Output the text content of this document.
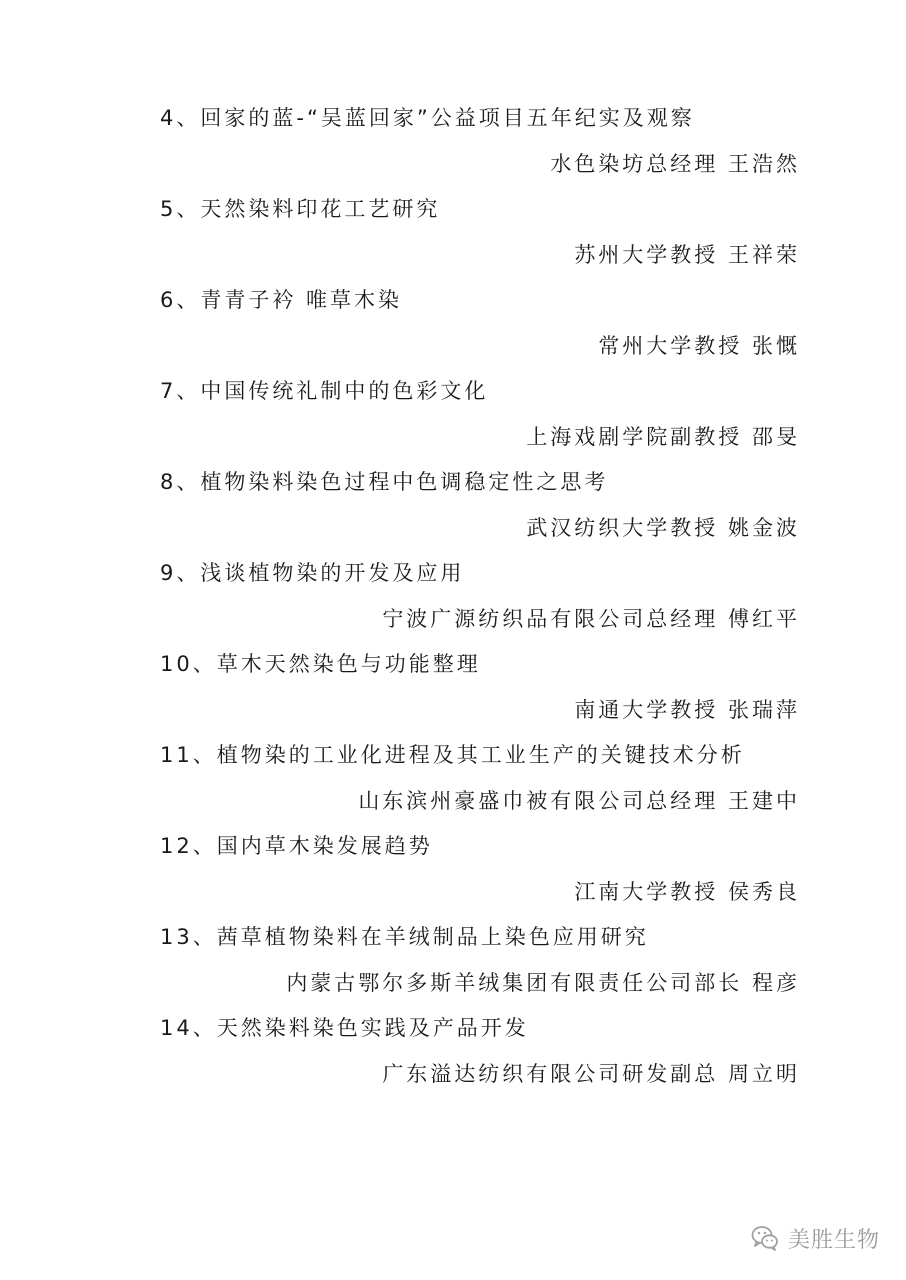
4、回家的蓝-“吴蓝回家”公益项目五年纪实及观察
水色染坊总经理 王浩然
5、天然染料印花工艺研究
苏州大学教授 王祥荣
6、青青子衿 唯草木染
常州大学教授 张慨
7、中国传统礼制中的色彩文化
上海戏剧学院副教授 邵旻
8、植物染料染色过程中色调稳定性之思考
武汉纺织大学教授 姚金波
9、浅谈植物染的开发及应用
宁波广源纺织品有限公司总经理 傅红平
10、草木天然染色与功能整理
南通大学教授 张瑞萍
11、植物染的工业化进程及其工业生产的关键技术分析
山东滨州豪盛巾被有限公司总经理 王建中
12、国内草木染发展趋势
江南大学教授 侯秀良
13、茜草植物染料在羊绒制品上染色应用研究
内蒙古鄂尔多斯羊绒集团有限责任公司部长 程彦
14、天然染料染色实践及产品开发
广东溢达纺织有限公司研发副总 周立明
美胜生物
